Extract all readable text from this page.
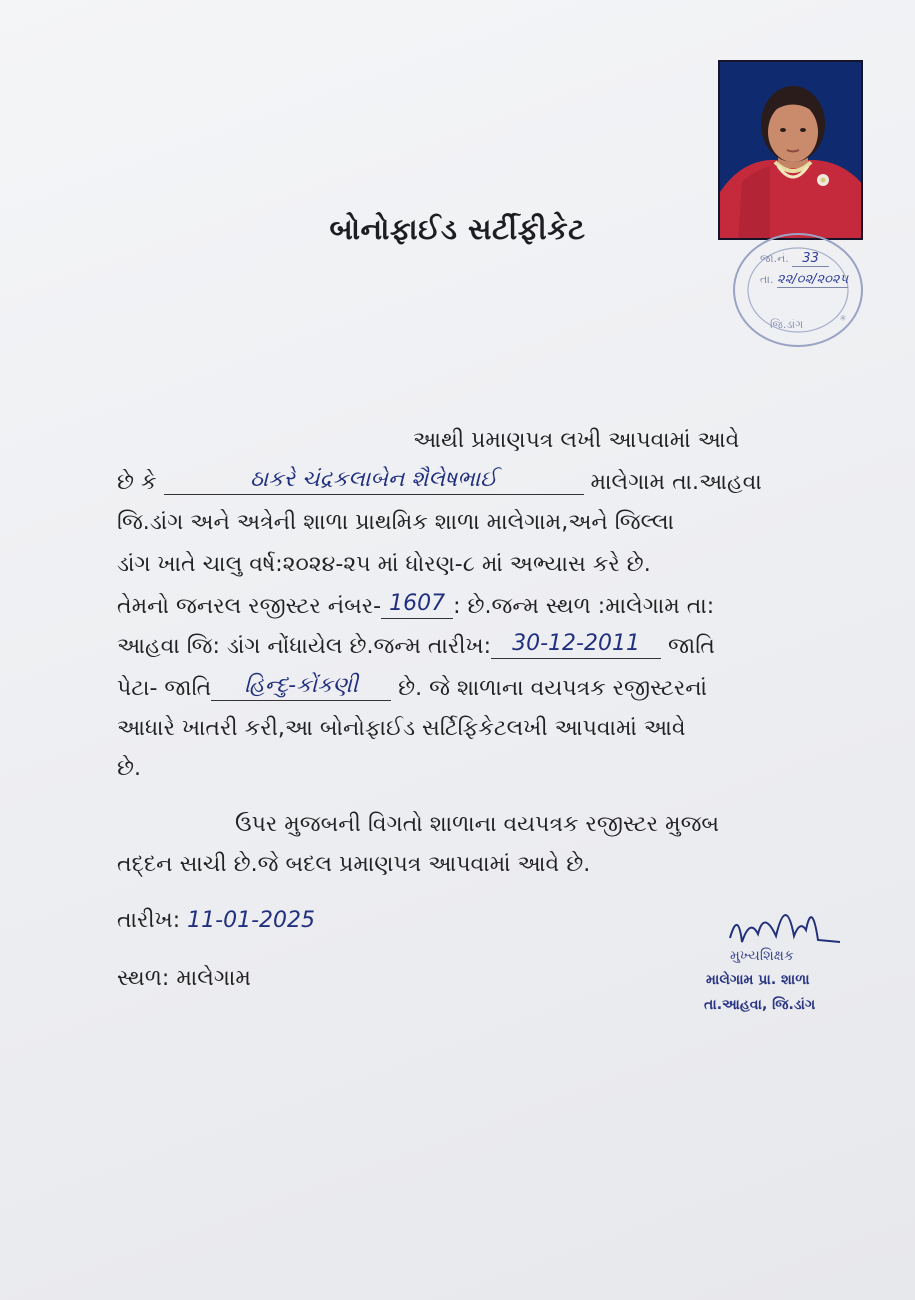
*
જા.નં. 33
તા. ૨૨/૦૨/૨૦૨૫
જિ.ડાંગ
બોનોફાઈડ સર્ટીફીકેટ
આથી પ્રમાણપત્ર લખી આપવામાં આવે
છે કે	ઠાકરે ચંદ્રકલાબેન શૈલેષભાઈ	માલેગામ તા.આહવા
જિ.ડાંગ અને અત્રેની શાળા પ્રાથમિક શાળા માલેગામ,અને જિલ્લા
ડાંગ ખાતે ચાલુ વર્ષ:૨૦૨૪-૨૫ માં ધોરણ-૮ માં અભ્યાસ કરે છે.
તેમનો જનરલ રજીસ્ટર નંબર- 1607 : છે.જન્મ સ્થળ :માલેગામ તા:
આહવા જિ: ડાંગ નોંધાયેલ છે.જન્મ તારીખ: 30-12-2011 જાતિ
પેટા- જાતિ હિન્દુ-કોંકણી છે. જે શાળાના વયપત્રક રજીસ્ટરનાં
આધારે ખાતરી કરી,આ બોનોફાઈડ સર્ટિફિકેટલખી આપવામાં આવે
છે.
ઉપર મુજબની વિગતો શાળાના વયપત્રક રજીસ્ટર મુજબ
તદ્દન સાચી છે.જે બદલ પ્રમાણપત્ર આપવામાં આવે છે.
તારીખ: 11-01-2025
સ્થળ: માલેગામ
મુખ્યશિક્ષક
માલેગામ પ્રા. શાળા
તા.આહવા, જિ.ડાંગ
